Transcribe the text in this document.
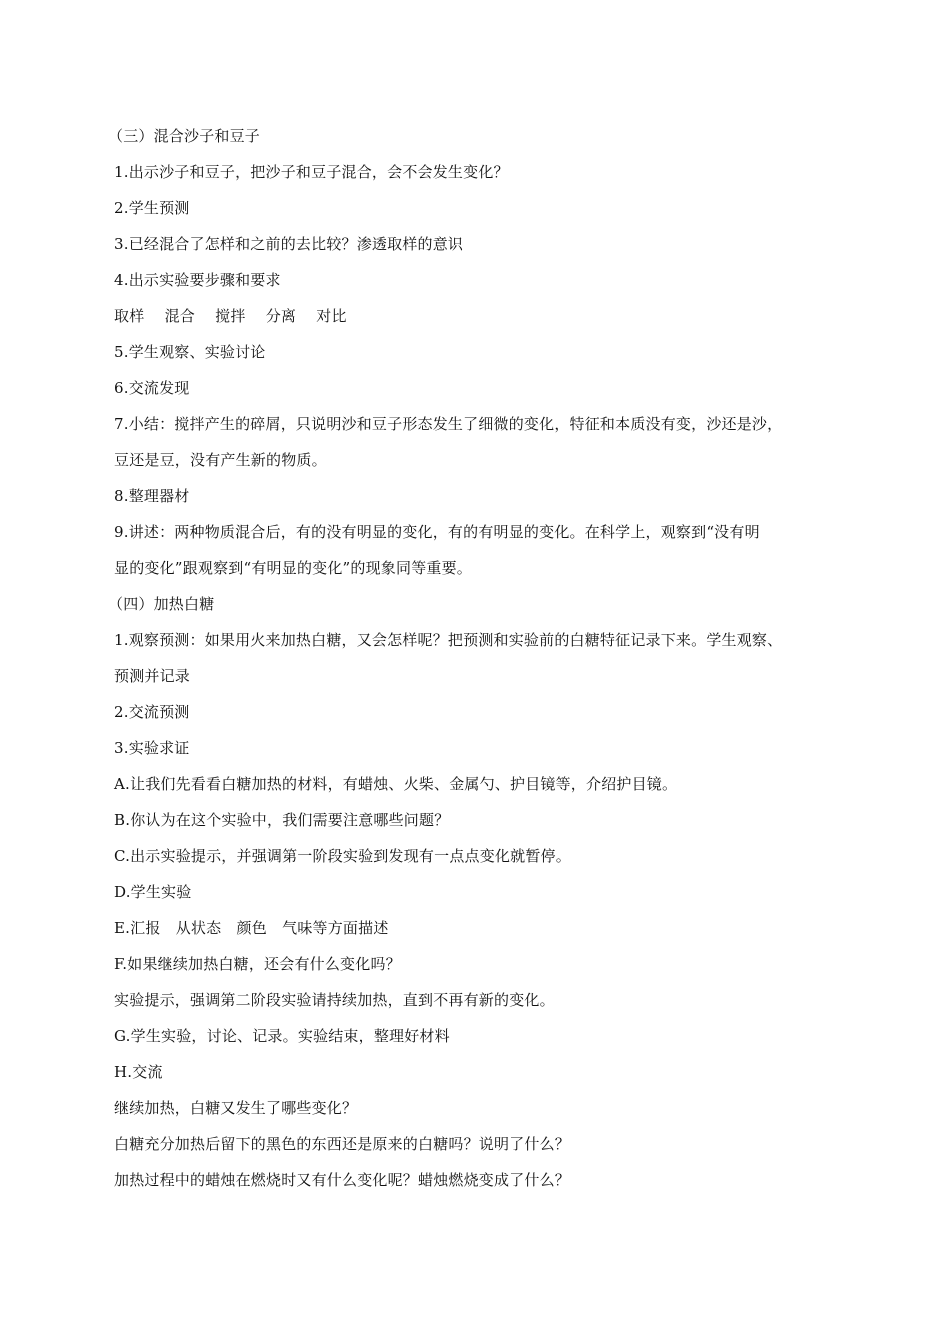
（三）混合沙子和豆子
1.出示沙子和豆子，把沙子和豆子混合，会不会发生变化？
2.学生预测
3.已经混合了怎样和之前的去比较？渗透取样的意识
4.出示实验要步骤和要求
取样　 混合　 搅拌　 分离　 对比
5.学生观察、实验讨论
6.交流发现
7.小结：搅拌产生的碎屑，只说明沙和豆子形态发生了细微的变化，特征和本质没有变，沙还是沙，
豆还是豆，没有产生新的物质。
8.整理器材
9.讲述：两种物质混合后，有的没有明显的变化，有的有明显的变化。在科学上，观察到“没有明
显的变化”跟观察到“有明显的变化”的现象同等重要。
（四）加热白糖
1.观察预测：如果用火来加热白糖，又会怎样呢？把预测和实验前的白糖特征记录下来。学生观察、
预测并记录
2.交流预测
3.实验求证
A.让我们先看看白糖加热的材料，有蜡烛、火柴、金属勺、护目镜等，介绍护目镜。
B.你认为在这个实验中，我们需要注意哪些问题？
C.出示实验提示，并强调第一阶段实验到发现有一点点变化就暂停。
D.学生实验
E.汇报　从状态　颜色　气味等方面描述
F.如果继续加热白糖，还会有什么变化吗？
实验提示，强调第二阶段实验请持续加热，直到不再有新的变化。
G.学生实验，讨论、记录。实验结束，整理好材料
H.交流
继续加热，白糖又发生了哪些变化？
白糖充分加热后留下的黑色的东西还是原来的白糖吗？说明了什么？
加热过程中的蜡烛在燃烧时又有什么变化呢？蜡烛燃烧变成了什么？
